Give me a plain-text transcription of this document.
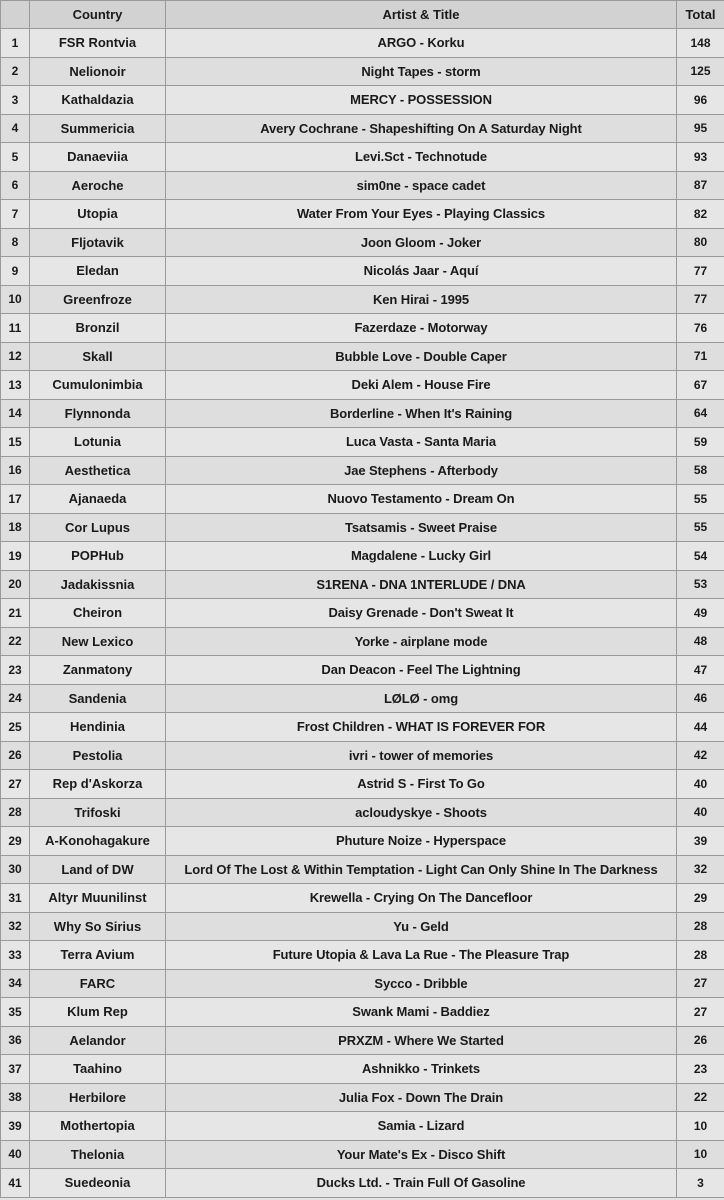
	Country	Artist & Title	Total
1	FSR Rontvia	ARGO - Korku	148
2	Nelionoir	Night Tapes - storm	125
3	Kathaldazia	MERCY - POSSESSION	96
4	Summericia	Avery Cochrane - Shapeshifting On A Saturday Night	95
5	Danaeviia	Levi.Sct - Technotude	93
6	Aeroche	sim0ne - space cadet	87
7	Utopia	Water From Your Eyes - Playing Classics	82
8	Fljotavik	Joon Gloom - Joker	80
9	Eledan	Nicolás Jaar - Aquí	77
10	Greenfroze	Ken Hirai - 1995	77
11	Bronzil	Fazerdaze - Motorway	76
12	Skall	Bubble Love - Double Caper	71
13	Cumulonimbia	Deki Alem - House Fire	67
14	Flynnonda	Borderline - When It's Raining	64
15	Lotunia	Luca Vasta - Santa Maria	59
16	Aesthetica	Jae Stephens - Afterbody	58
17	Ajanaeda	Nuovo Testamento - Dream On	55
18	Cor Lupus	Tsatsamis - Sweet Praise	55
19	POPHub	Magdalene - Lucky Girl	54
20	Jadakissnia	S1RENA - DNA 1NTERLUDE / DNA	53
21	Cheiron	Daisy Grenade - Don't Sweat It	49
22	New Lexico	Yorke - airplane mode	48
23	Zanmatony	Dan Deacon - Feel The Lightning	47
24	Sandenia	LØLØ - omg	46
25	Hendinia	Frost Children - WHAT IS FOREVER FOR	44
26	Pestolia	ivri - tower of memories	42
27	Rep d'Askorza	Astrid S - First To Go	40
28	Trifoski	acloudyskye - Shoots	40
29	A-Konohagakure	Phuture Noize - Hyperspace	39
30	Land of DW	Lord Of The Lost & Within Temptation - Light Can Only Shine In The Darkness	32
31	Altyr Muunilinst	Krewella - Crying On The Dancefloor	29
32	Why So Sirius	Yu - Geld	28
33	Terra Avium	Future Utopia & Lava La Rue - The Pleasure Trap	28
34	FARC	Sycco - Dribble	27
35	Klum Rep	Swank Mami - Baddiez	27
36	Aelandor	PRXZM - Where We Started	26
37	Taahino	Ashnikko - Trinkets	23
38	Herbilore	Julia Fox - Down The Drain	22
39	Mothertopia	Samia - Lizard	10
40	Thelonia	Your Mate's Ex - Disco Shift	10
41	Suedeonia	Ducks Ltd. - Train Full Of Gasoline	3
